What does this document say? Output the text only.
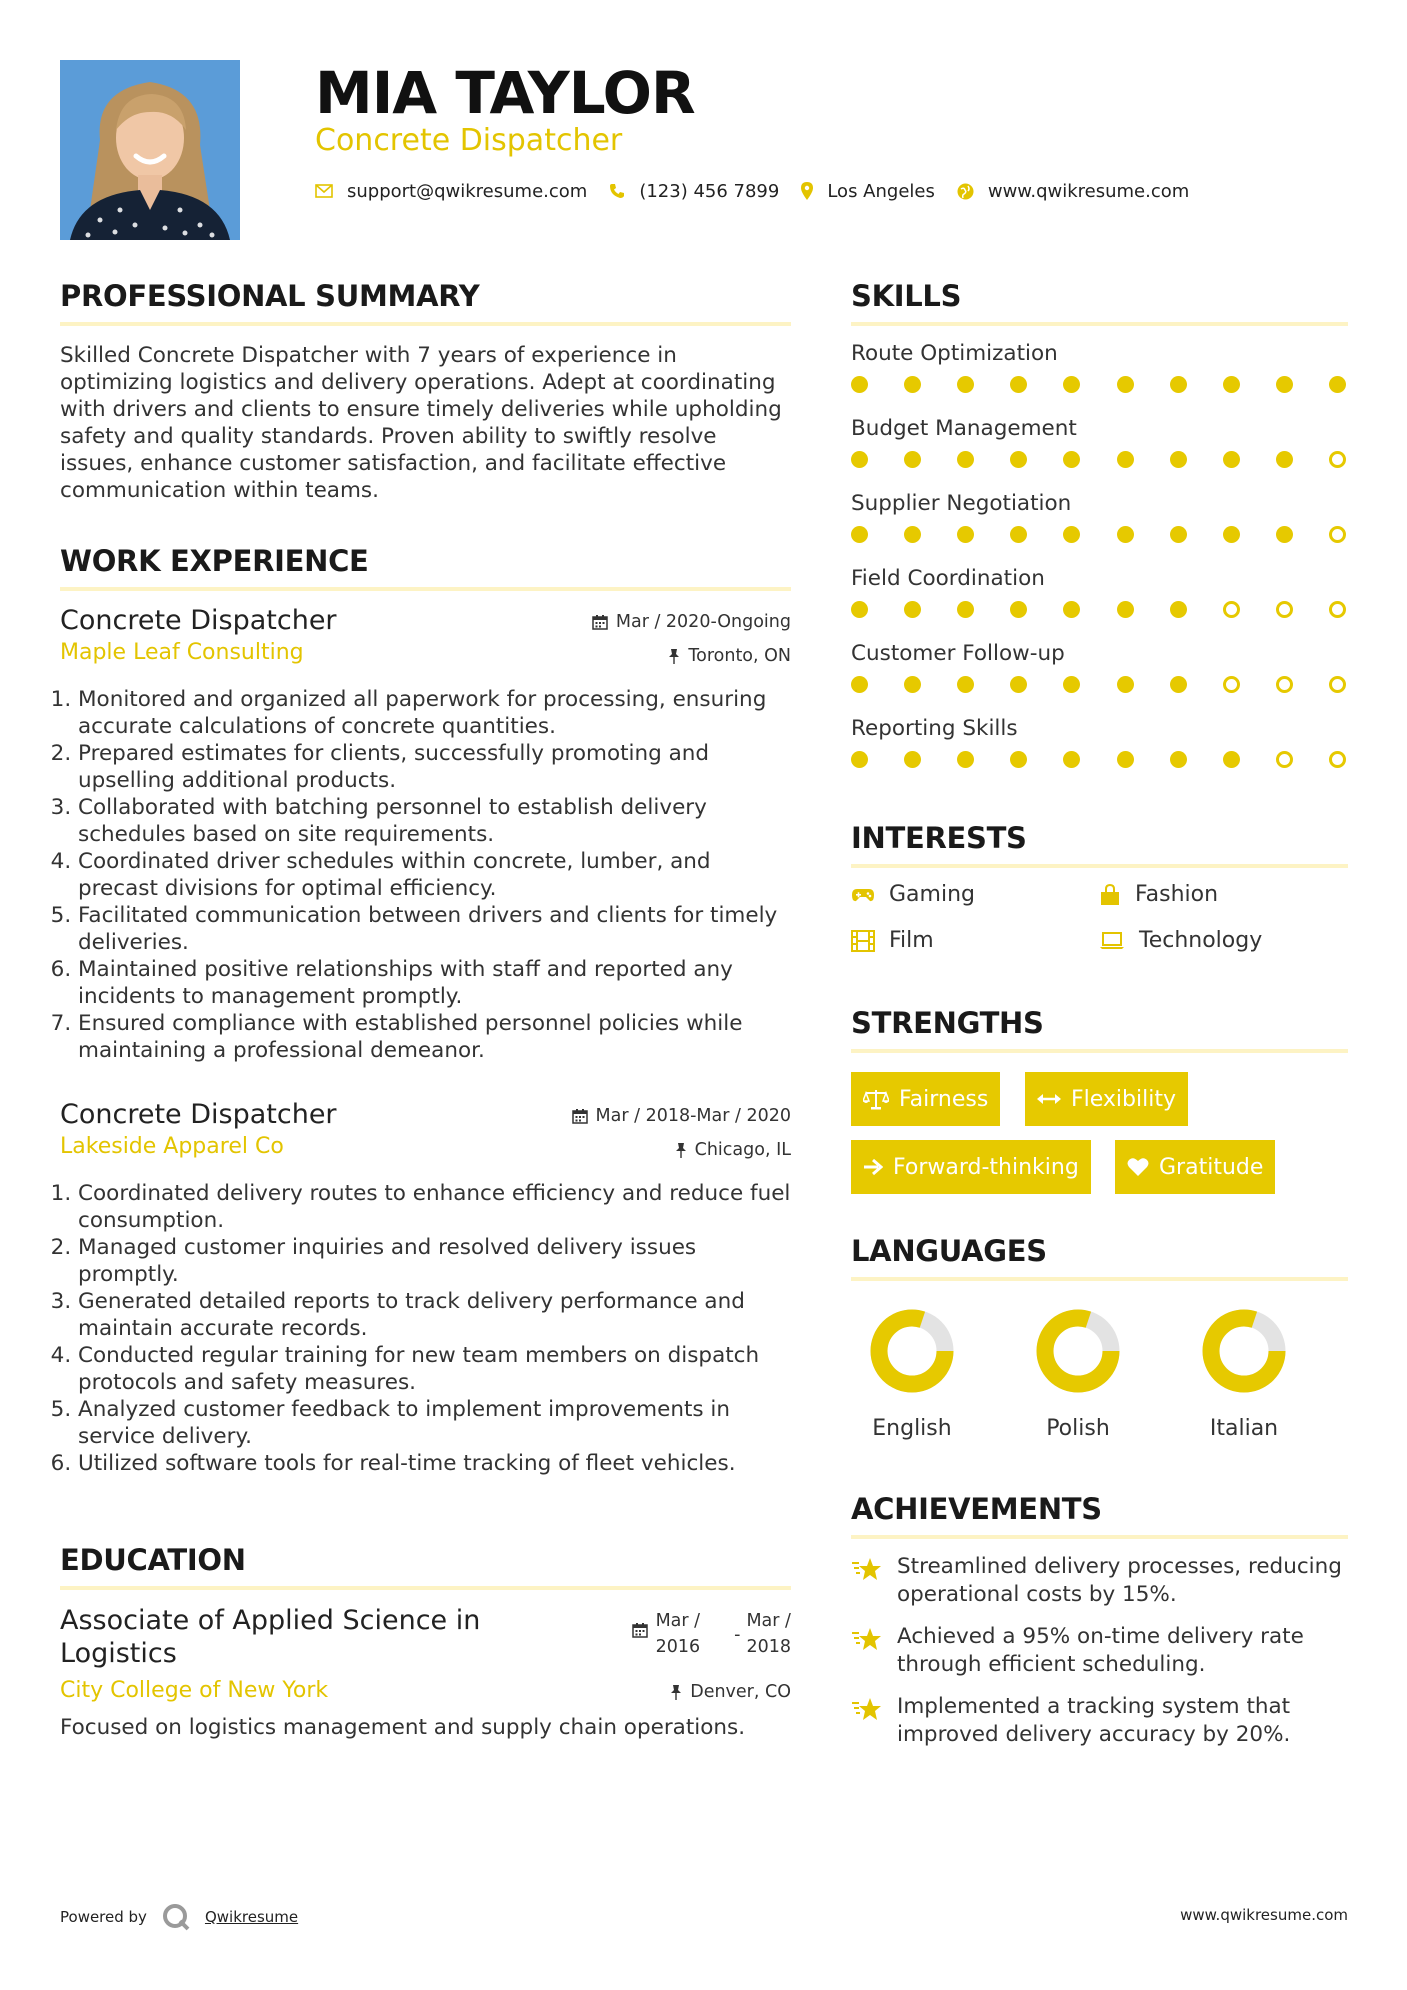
MIA TAYLOR
Concrete Dispatcher
support@qwikresume.com	(123) 456 7899	Los Angeles	www.qwikresume.com
PROFESSIONAL SUMMARY
Skilled Concrete Dispatcher with 7 years of experience in optimizing logistics and delivery operations. Adept at coordinating with drivers and clients to ensure timely deliveries while upholding safety and quality standards. Proven ability to swiftly resolve issues, enhance customer satisfaction, and facilitate effective communication within teams.
WORK EXPERIENCE
Concrete Dispatcher	Mar / 2020-Ongoing
Maple Leaf Consulting	Toronto, ON
1. Monitored and organized all paperwork for processing, ensuring accurate calculations of concrete quantities.
2. Prepared estimates for clients, successfully promoting and upselling additional products.
3. Collaborated with batching personnel to establish delivery schedules based on site requirements.
4. Coordinated driver schedules within concrete, lumber, and precast divisions for optimal efficiency.
5. Facilitated communication between drivers and clients for timely deliveries.
6. Maintained positive relationships with staff and reported any incidents to management promptly.
7. Ensured compliance with established personnel policies while maintaining a professional demeanor.
Concrete Dispatcher	Mar / 2018-Mar / 2020
Lakeside Apparel Co	Chicago, IL
1. Coordinated delivery routes to enhance efficiency and reduce fuel consumption.
2. Managed customer inquiries and resolved delivery issues promptly.
3. Generated detailed reports to track delivery performance and maintain accurate records.
4. Conducted regular training for new team members on dispatch protocols and safety measures.
5. Analyzed customer feedback to implement improvements in service delivery.
6. Utilized software tools for real-time tracking of fleet vehicles.
EDUCATION
Associate of Applied Science in
Logistics
Mar /
2016
-
Mar /
2018
City College of New York	Denver, CO
Focused on logistics management and supply chain operations.
SKILLS
Route Optimization
Budget Management
Supplier Negotiation
Field Coordination
Customer Follow-up
Reporting Skills
INTERESTS
Gaming	Fashion
Film	Technology
STRENGTHS
Fairness	Flexibility
Forward-thinking	Gratitude
LANGUAGES
English	Polish	Italian
ACHIEVEMENTS
Streamlined delivery processes, reducing operational costs by 15%.
Achieved a 95% on-time delivery rate through efficient scheduling.
Implemented a tracking system that improved delivery accuracy by 20%.
Powered by	Qwikresume	www.qwikresume.com
